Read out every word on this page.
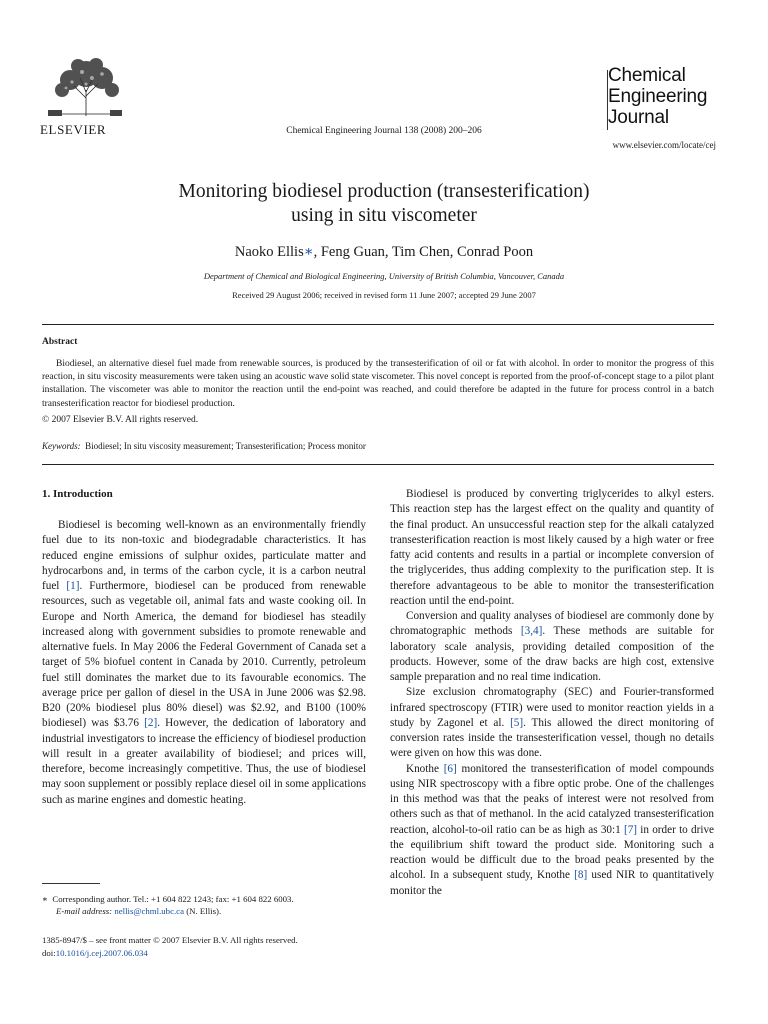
ELSEVIER	Chemical Engineering Journal 138 (2008) 200–206
Chemical
Engineering
Journal
www.elsevier.com/locate/cej
Monitoring biodiesel production (transesterification)
using in situ viscometer
Naoko Ellis∗, Feng Guan, Tim Chen, Conrad Poon
Department of Chemical and Biological Engineering, University of British Columbia, Vancouver, Canada
Received 29 August 2006; received in revised form 11 June 2007; accepted 29 June 2007
Abstract
Biodiesel, an alternative diesel fuel made from renewable sources, is produced by the transesterification of oil or fat with alcohol. In order to monitor the progress of this reaction, in situ viscosity measurements were taken using an acoustic wave solid state viscometer. This novel concept is reported from the proof-of-concept stage to a pilot plant installation. The viscometer was able to monitor the reaction until the end-point was reached, and could therefore be adapted in the future for process control in a batch transesterification reactor for biodiesel production.
© 2007 Elsevier B.V. All rights reserved.
Keywords: Biodiesel; In situ viscosity measurement; Transesterification; Process monitor
1. Introduction

Biodiesel is becoming well-known as an environmentally friendly fuel due to its non-toxic and biodegradable characteristics. It has reduced engine emissions of sulphur oxides, particulate matter and hydrocarbons and, in terms of the carbon cycle, it is a carbon neutral fuel [1]. Furthermore, biodiesel can be produced from renewable resources, such as vegetable oil, animal fats and waste cooking oil. In Europe and North America, the demand for biodiesel has steadily increased along with government subsidies to promote renewable and alternative fuels. In May 2006 the Federal Government of Canada set a target of 5% biofuel content in Canada by 2010. Currently, petroleum fuel still dominates the market due to its favourable economics. The average price per gallon of diesel in the USA in June 2006 was $2.98. B20 (20% biodiesel plus 80% diesel) was $2.92, and B100 (100% biodiesel) was $3.76 [2]. However, the dedication of laboratory and industrial investigators to increase the efficiency of biodiesel production will result in a greater availability of biodiesel; and prices will, therefore, become increasingly competitive. Thus, the use of biodiesel may soon supplement or possibly replace diesel oil in some applications such as marine engines and domestic heating.

Biodiesel is produced by converting triglycerides to alkyl esters. This reaction step has the largest effect on the quality and quantity of the final product. An unsuccessful reaction step for the alkali catalyzed transesterification reaction is most likely caused by a high water or free fatty acid contents and results in a partial or incomplete conversion of the triglycerides, thus adding complexity to the purification step. It is therefore advantageous to be able to monitor the transesterification reaction until the end-point.

Conversion and quality analyses of biodiesel are commonly done by chromatographic methods [3,4]. These methods are suitable for laboratory scale analysis, providing detailed composition of the products. However, some of the draw backs are high cost, extensive sample preparation and no real time indication.

Size exclusion chromatography (SEC) and Fourier-transformed infrared spectroscopy (FTIR) were used to monitor reaction yields in a study by Zagonel et al. [5]. This allowed the direct monitoring of conversion rates inside the transesterification vessel, though no details were given on how this was done.

Knothe [6] monitored the transesterification of model compounds using NIR spectroscopy with a fibre optic probe. One of the challenges in this method was that the peaks of interest were not resolved from others such as that of methanol. In the acid catalyzed transesterification reaction, alcohol-to-oil ratio can be as high as 30:1 [7] in order to drive the equilibrium shift toward the product side. Monitoring such a reaction would be difficult due to the broad peaks presented by the alcohol. In a subsequent study, Knothe [8] used NIR to quantitatively monitor the

∗ Corresponding author. Tel.: +1 604 822 1243; fax: +1 604 822 6003.
E-mail address: nellis@chml.ubc.ca (N. Ellis).
1385-8947/$ – see front matter © 2007 Elsevier B.V. All rights reserved.
doi:10.1016/j.cej.2007.06.034
